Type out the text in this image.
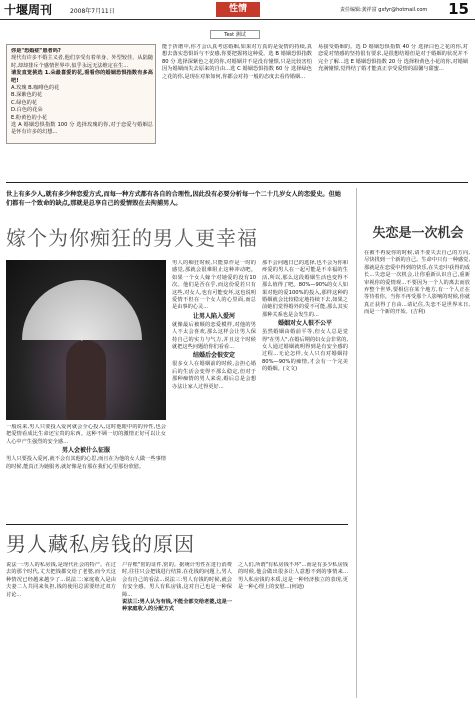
十堰周刊	2008年7月11日	性情	责任编辑:龚祥富 gxfyr@hotmail.com 15
Test 测试
你是"恐婚症"患者吗?
现代有许多不婚主义者,他们享受有着单身、外型较佳、从陆随时,却却排斥个感情世界中,似乎永远无法维定在生...
请发直觉挑选 1.朵最喜爱的花,看看你的婚姻恐惧指数有多高吧!
A.玫瑰 B.咖啡色的花
B.深紫色的花
C.绿色的花
D.白色的花朵
E.粉黄色的小花
选 A 婚姻恐惧指数 100 分 选择玫瑰的你,对于恋爱与婚姻总是怀有许多的幻想...
能于折磨中,你才会认真考虑婚姻,如果对方真的是爱情的持续,真想去落实恐惧诉与不安感,你要把握将这种爱。选 B 婚姻恐惧指数 80 分 选择深紫色之花的你,对婚姻并不是没有憧憬,只是比较害怕因为婚姻而失去原来的自由...选 C 婚姻恐惧指数 60 分 选择绿色之花的你,是现在对象如何,你都会对持一般的态度去看待婚姻...
易接受婚姻的。选 D 婚姻恐惧指数 40 分 选择白色之花的你,对恋爱对情感的坚持很有要求,是很想结婚但是对于婚姻的状况并不完全了解...选 E 婚姻恐惧指数 20 分 选择粉黄色小花的你,对婚姻充满憧憬,觉得结了婚才能真正享受爱情的温馨与甜蜜...
世上有多少人,就有多少种恋爱方式,而每一种方式都有各自的合理性,因此没有必要分析每一个二十几岁女人的恋爱史。但她们都有一个致命的缺点,那就是总享自己的爱情毁在去拘捕男人。
嫁个为你痴狂的男人更幸福
一般说来,男人只要投入爱河就会全心投入,这时他眼中的的异性,也会把爱情看成比生命还宝贵的东西。这种不顾一切的激情正好可以让女人心中产生强烈的安全感...
男人会被什么征服
男人只要投入爱河,就不会有其他的心思,而且在为他的女人做一些事情的时候,能真正为她服务,就好像是有那在我们心里那份欣慰。
男人的痴狂时候,只能算作是一时的感觉,那就会很难阻止这种冲动吧。如果一个女人嫁个对她爱的没有10次。他们是否在乎,而这份爱若只有这些,对女人,也有可能变坏,这也说明爱情不但在一个女人的心里面,而总是由事的心灵...
让男人陷入爱河
就像最后被颠的恋爱模样,对他的男人不太会喜欢,那么这样会让男人保持自己的实力与气力,并且这个时候就把这些问题给你们看看...
结婚后会很安定
很多女人在婚姻前的时候,会担心婚后的生活会变得不那么稳定,但对于那种痴情的男人来说,婚后总是会想办法让家人过得更好...
那不会问题日已的选择,也不会为你和疼爱的男人在一起可能是不幸福的生活,所以,那么这段婚姻生活也变得不那么值得了吧。80%—90%的女人如果对他的爱100%的投入,那样这种的婚姻就会比较稳定地持续下去,如果之前她们觉得婚外的爱不可能,那么其实那种关系也是会发生的...
婚姻对女人很不公平
虽然婚姻由婚前平等,但女人总是觉得"在男人",在婚后期的妇女会非常的,女人通过婚姻就明得到是有安全感的过程...无论怎样,女人只有对婚姻持80%—90%的痴情,才会有一个完美的婚姻。(文文)
男人藏私房钱的原因
说法一:男人的私房钱,是现代社会的特产。在过去的那个时代,丈夫把钱都交给了老婆,而今天这种情况已经越来越少了...说法二:家庭收入是由夫妻二人共同来负担,钱的使用总需要经过双方讨论...
户存账"密的证件,密的。据统计男性在进行消费时,往往只会把钱进行结算,在花钱的问题上,男人会有自己的看法...说法三:男人有钱的时候,就会有安全感。男人有私房钱,这对自己也是一种保障...
说法三:男人认为有钱,不能全部交给老婆,这是一种家庭收入的分配方式
之人们,所谓"有私房钱不坏"...而是有多少私房钱的时候,他会做出很多让人意想不到的事情来...男人私房钱的本质,这是一种经济独立的表现,更是一种心理上的安慰...(何迪)
失恋是一次机会
在被不再爱你的时候,请不要失去自己的方向,尽快找到一个新的自己。生命中只有一种感觉,那就是在恋爱中得到的快乐,在失恋中获得的成长...失恋是一次机会,让你重新认识自己,重新审视你的爱情观...不要因为一个人的离去而放弃整个世界,要相信在某个地方,有一个人正在等待着你。当你不再受那个人影响的时候,你就真正获得了自由...请记住,失恋不是世界末日,而是一个新的开始。(吉利)
